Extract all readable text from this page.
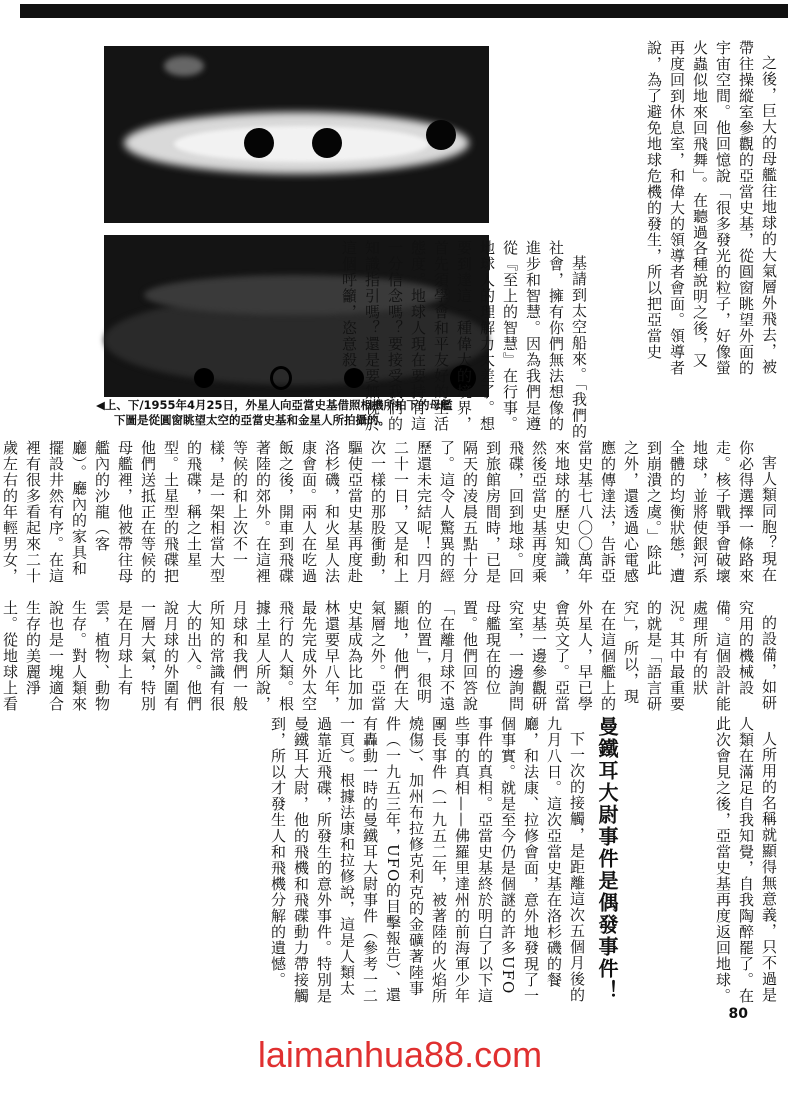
◀上、下/1955年4月25日，外星人向亞當史基借照相機所拍下的母艦
下圖是從圓窗眺望太空的亞當史基和金星人所拍攝的。

之後，巨大的母艦往地球的大氣層外飛去，被帶往操縱室參觀的亞當史基，從圓窗眺望外面的宇宙空間。他回憶說「很多發光的粒子，好像螢火蟲似地來回飛舞」。在聽過各種說明之後，又再度回到休息室，和偉大的領導者會面。領導者說，為了避免地球危機的發生，所以把亞當史

基請到太空船來。「我們的社會，擁有你們無法想像的進步和智慧。因為我們是遵從『至上的智慧』在行事。地球人的理解力太差了。想要到達這一種偉大的境界，首先須學會和平友好的生活態度。地球人現在要持有這一分信念嗎？要接受我們的知識指引嗎？還是要無視於這個呼籲，恣意殺

害人類同胞？現在你必得選擇一條路來走。核子戰爭會破壞地球，並將使銀河系全體的均衡狀態，遭到崩潰之虞。」除此之外，還透過心電感應的傳達法，告訴亞當史基七八〇〇萬年來地球的歷史知識，然後亞當史基再度乘飛碟，回到地球。回到旅館房間時，已是隔天的凌晨五點十分了。這令人驚異的經歷還未完結呢！四月二十一日，又是和上次一樣的那股衝動，驅使亞當史基再度赴洛杉磯，和火星人法康會面。兩人在吃過飯之後，開車到飛碟著陸的郊外。在這裡等候的和上次不一樣，是一架相當大型的飛碟，稱之土星型。土星型的飛碟把他們送抵正在等候的母艦裡，他被帶往母艦內的沙龍（客廳）。廳內的家具和擺設井然有序。在這裡有很多看起來二十歲左右的年輕男女，

的設備，如研究用的機械設備。這個設計能處理所有的狀況。其中最重要的就是「語言研究」，所以，現在在這個艦上的外星人，早已學會英文了。亞當史基一邊參觀研究室，一邊詢問母艦現在的位置。他們回答說「在離月球不遠的位置」，很明顯地，他們在大氣層之外。亞當史基成為比加加林還要早八年，最先完成外太空飛行的人類。根據土星人所說，月球和我們一般所知的常識有很大的出入。他們說月球的外圍有一層大氣，特別是在月球上有雲，植物、動物生存。對人類來說也是一塊適合生存的美麗淨土。從地球上看

曼鐵耳大尉事件是偶發事件！	人所用的名稱就顯得無意義，只不過是人類在滿足自我知覺，自我陶醉罷了。在此次會見之後，亞當史基再度返回地球。

下一次的接觸，是距離這次五個月後的九月八日。這次亞當史基在洛杉磯的餐廳，和法康、拉修會面，意外地發現了一個事實。就是至今仍是個謎的許多UFO事件的真相。亞當史基終於明白了以下這些事的真相——佛羅里達州的前海軍少年團長事件（一九五二年，被著陸的火焰所燒傷）、加州布拉修克利克的金礦著陸事件（一九五三年，UFO的目擊報告）、還有轟動一時的曼鐵耳大尉事件（參考一二一頁）。根據法康和拉修說，這是人類太過靠近飛碟，所發生的意外事件。特別是曼鐵耳大尉，他的飛機和飛碟動力帶接觸到，所以才發生人和飛機分解的遺憾。

80
laimanhua88.com
